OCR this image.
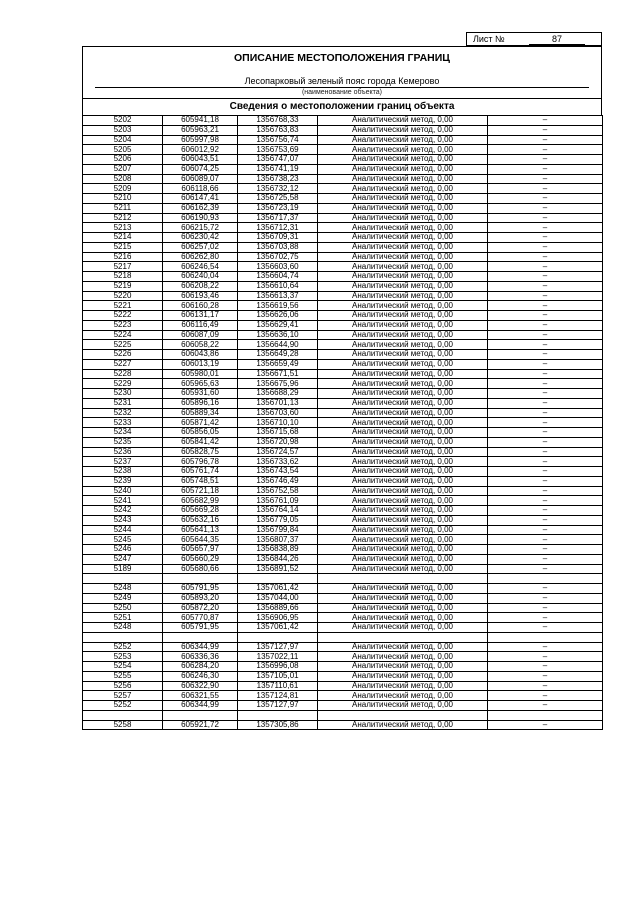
Лист №	87
ОПИСАНИЕ МЕСТОПОЛОЖЕНИЯ ГРАНИЦ
Лесопарковый зеленый пояс города Кемерово
(наименование объекта)
Сведения о местоположении границ объекта
5202	605941,18	1356768,33	Аналитический метод, 0,00	–
5203	605963,21	1356763,83	Аналитический метод, 0,00	–
5204	605997,98	1356756,74	Аналитический метод, 0,00	–
5205	606012,92	1356753,69	Аналитический метод, 0,00	–
5206	606043,51	1356747,07	Аналитический метод, 0,00	–
5207	606074,25	1356741,19	Аналитический метод, 0,00	–
5208	606089,07	1356738,23	Аналитический метод, 0,00	–
5209	606118,66	1356732,12	Аналитический метод, 0,00	–
5210	606147,41	1356725,58	Аналитический метод, 0,00	–
5211	606162,39	1356723,19	Аналитический метод, 0,00	–
5212	606190,93	1356717,37	Аналитический метод, 0,00	–
5213	606215,72	1356712,31	Аналитический метод, 0,00	–
5214	606230,42	1356709,31	Аналитический метод, 0,00	–
5215	606257,02	1356703,88	Аналитический метод, 0,00	–
5216	606262,80	1356702,75	Аналитический метод, 0,00	–
5217	606246,54	1356603,60	Аналитический метод, 0,00	–
5218	606240,04	1356604,74	Аналитический метод, 0,00	–
5219	606208,22	1356610,64	Аналитический метод, 0,00	–
5220	606193,46	1356613,37	Аналитический метод, 0,00	–
5221	606160,28	1356619,56	Аналитический метод, 0,00	–
5222	606131,17	1356626,06	Аналитический метод, 0,00	–
5223	606116,49	1356629,41	Аналитический метод, 0,00	–
5224	606087,09	1356636,10	Аналитический метод, 0,00	–
5225	606058,22	1356644,90	Аналитический метод, 0,00	–
5226	606043,86	1356649,28	Аналитический метод, 0,00	–
5227	606013,19	1356659,49	Аналитический метод, 0,00	–
5228	605980,01	1356671,51	Аналитический метод, 0,00	–
5229	605965,63	1356675,96	Аналитический метод, 0,00	–
5230	605931,60	1356688,29	Аналитический метод, 0,00	–
5231	605896,16	1356701,13	Аналитический метод, 0,00	–
5232	605889,34	1356703,60	Аналитический метод, 0,00	–
5233	605871,42	1356710,10	Аналитический метод, 0,00	–
5234	605856,05	1356715,68	Аналитический метод, 0,00	–
5235	605841,42	1356720,98	Аналитический метод, 0,00	–
5236	605828,75	1356724,57	Аналитический метод, 0,00	–
5237	605796,78	1356733,62	Аналитический метод, 0,00	–
5238	605761,74	1356743,54	Аналитический метод, 0,00	–
5239	605748,51	1356746,49	Аналитический метод, 0,00	–
5240	605721,18	1356752,58	Аналитический метод, 0,00	–
5241	605682,99	1356761,09	Аналитический метод, 0,00	–
5242	605669,28	1356764,14	Аналитический метод, 0,00	–
5243	605632,16	1356779,05	Аналитический метод, 0,00	–
5244	605641,13	1356799,84	Аналитический метод, 0,00	–
5245	605644,35	1356807,37	Аналитический метод, 0,00	–
5246	605657,97	1356838,89	Аналитический метод, 0,00	–
5247	605660,29	1356844,26	Аналитический метод, 0,00	–
5189	605680,66	1356891,52	Аналитический метод, 0,00	–

5248	605791,95	1357061,42	Аналитический метод, 0,00	–
5249	605893,20	1357044,00	Аналитический метод, 0,00	–
5250	605872,20	1356889,66	Аналитический метод, 0,00	–
5251	605770,87	1356906,95	Аналитический метод, 0,00	–
5248	605791,95	1357061,42	Аналитический метод, 0,00	–

5252	606344,99	1357127,97	Аналитический метод, 0,00	–
5253	606336,36	1357022,11	Аналитический метод, 0,00	–
5254	606284,20	1356996,08	Аналитический метод, 0,00	–
5255	606246,30	1357105,01	Аналитический метод, 0,00	–
5256	606322,90	1357110,61	Аналитический метод, 0,00	–
5257	606321,55	1357124,81	Аналитический метод, 0,00	–
5252	606344,99	1357127,97	Аналитический метод, 0,00	–

5258	605921,72	1357305,86	Аналитический метод, 0,00	–
